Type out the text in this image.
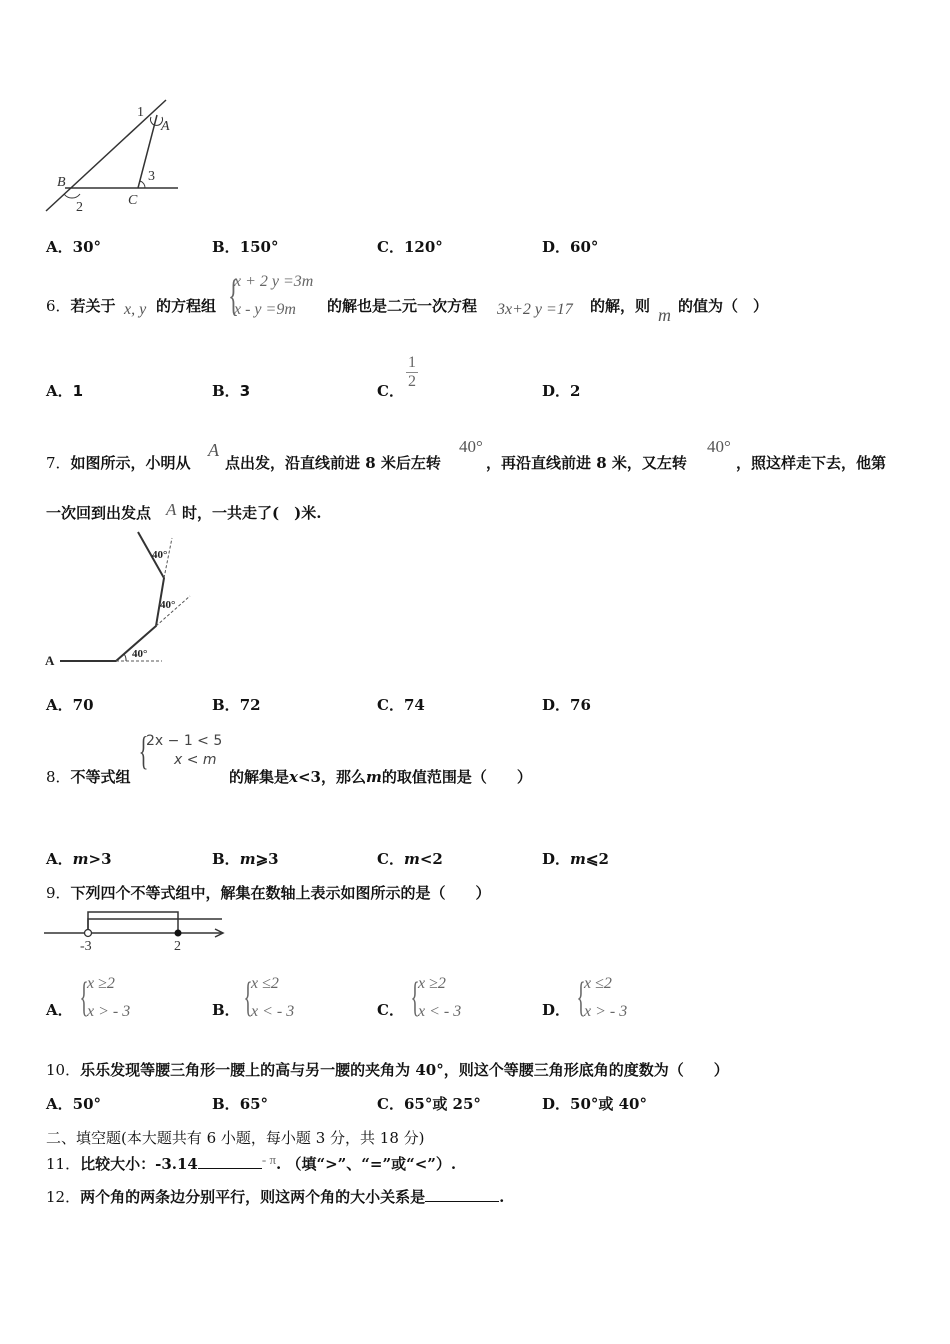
1
A
B	3
C
2
A．30°	B．150°	C．120°	D．60°
6．若关于 x, y 的方程组 {
x + 2 y =3m
x - y =9m	的解也是二元一次方程 3x+2 y =17 的解，则 m 的值为（　）
A．1	B．3	C． $\frac{1}{2}$	D．2
7．如图所示，小明从
A
点出发，沿直线前进 8 米后左转
40°
，再沿直线前进 8 米，又左转
40°
，照这样走下去，他第
一次回到出发点 A 时，一共走了(　)米.
A	40°
40°
40°
A．70	B．72	C．74	D．76
{
2x − 1 < 5
x < m
8．不等式组	的解集是x<3，那么m的取值范围是（　　）
A．m>3	B．m⩾3	C．m<2	D．m⩽2
9．下列四个不等式组中，解集在数轴上表示如图所示的是（　　）
-3	2
A． {
x ≥2
x > - 3	B． {
x ≤2
x < - 3	C． {
x ≥2
x < - 3	D． {
x ≤2
x > - 3
10．乐乐发现等腰三角形一腰上的高与另一腰的夹角为 40°，则这个等腰三角形底角的度数为（　　）
A．50°	B．65°	C．65°或 25°	D．50°或 40°
二、填空题(本大题共有 6 小题，每小题 3 分，共 18 分)
11．比较大小：-3.14	- π. （填“>”、“=”或“<”）.
12．两个角的两条边分别平行，则这两个角的大小关系是	.
